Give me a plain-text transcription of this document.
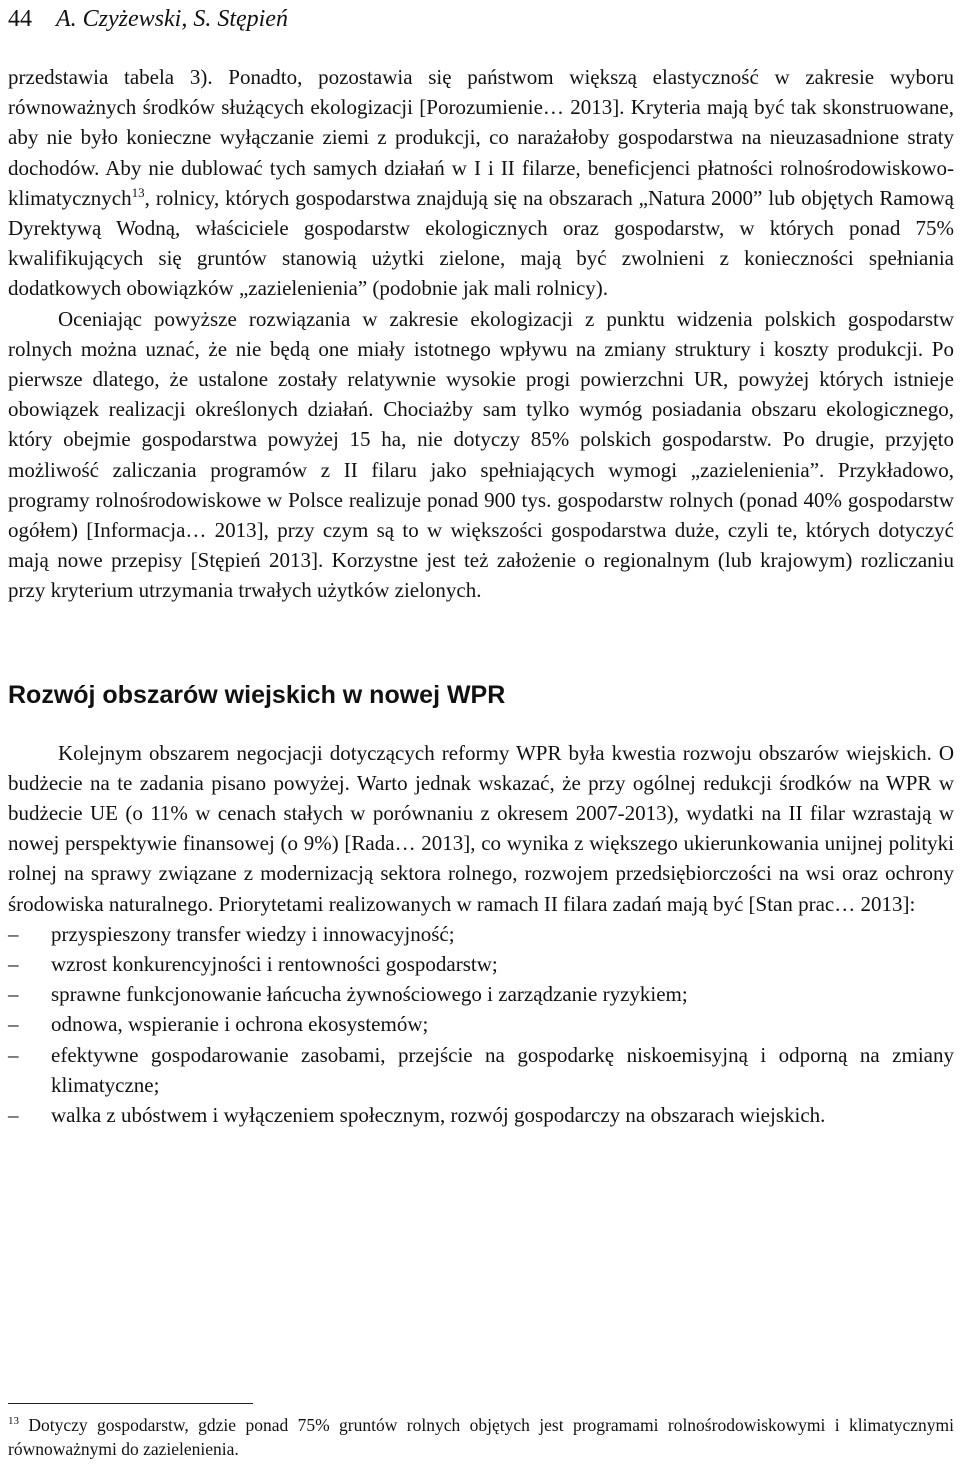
44 A. Czyżewski, S. Stępień

przedstawia tabela 3). Ponadto, pozostawia się państwom większą elastyczność w zakresie wyboru równoważnych środków służących ekologizacji [Porozumienie… 2013]. Kryteria mają być tak skonstruowane, aby nie było konieczne wyłączanie ziemi z produkcji, co narażałoby gospodarstwa na nieuzasadnione straty dochodów. Aby nie dublować tych samych działań w I i II filarze, beneficjenci płatności rolnośrodowiskowo-klimatycznych$^{13}$, rolnicy, których gospodarstwa znajdują się na obszarach „Natura 2000” lub objętych Ramową Dyrektywą Wodną, właściciele gospodarstw ekologicznych oraz gospodarstw, w których ponad 75% kwalifikujących się gruntów stanowią użytki zielone, mają być zwolnieni z konieczności spełniania dodatkowych obowiązków „zazielenienia” (podobnie jak mali rolnicy).

Oceniając powyższe rozwiązania w zakresie ekologizacji z punktu widzenia polskich gospodarstw rolnych można uznać, że nie będą one miały istotnego wpływu na zmiany struktury i koszty produkcji. Po pierwsze dlatego, że ustalone zostały relatywnie wysokie progi powierzchni UR, powyżej których istnieje obowiązek realizacji określonych działań. Chociażby sam tylko wymóg posiadania obszaru ekologicznego, który obejmie gospodarstwa powyżej 15 ha, nie dotyczy 85% polskich gospodarstw. Po drugie, przyjęto możliwość zaliczania programów z II filaru jako spełniających wymogi „zazielenienia”. Przykładowo, programy rolnośrodowiskowe w Polsce realizuje ponad 900 tys. gospodarstw rolnych (ponad 40% gospodarstw ogółem) [Informacja… 2013], przy czym są to w większości gospodarstwa duże, czyli te, których dotyczyć mają nowe przepisy [Stępień 2013]. Korzystne jest też założenie o regionalnym (lub krajowym) rozliczaniu przy kryterium utrzymania trwałych użytków zielonych.

Rozwój obszarów wiejskich w nowej WPR

Kolejnym obszarem negocjacji dotyczących reformy WPR była kwestia rozwoju obszarów wiejskich. O budżecie na te zadania pisano powyżej. Warto jednak wskazać, że przy ogólnej redukcji środków na WPR w budżecie UE (o 11% w cenach stałych w porównaniu z okresem 2007-2013), wydatki na II filar wzrastają w nowej perspektywie finansowej (o 9%) [Rada… 2013], co wynika z większego ukierunkowania unijnej polityki rolnej na sprawy związane z modernizacją sektora rolnego, rozwojem przedsiębiorczości na wsi oraz ochrony środowiska naturalnego. Priorytetami realizowanych w ramach II filara zadań mają być [Stan prac… 2013]:

– przyspieszony transfer wiedzy i innowacyjność;
– wzrost konkurencyjności i rentowności gospodarstw;
– sprawne funkcjonowanie łańcucha żywnościowego i zarządzanie ryzykiem;
– odnowa, wspieranie i ochrona ekosystemów;
– efektywne gospodarowanie zasobami, przejście na gospodarkę niskoemisyjną i odporną na zmiany klimatyczne;
– walka z ubóstwem i wyłączeniem społecznym, rozwój gospodarczy na obszarach wiejskich.
$^{13}$ Dotyczy gospodarstw, gdzie ponad 75% gruntów rolnych objętych jest programami rolnośrodowiskowymi i klimatycznymi równoważnymi do zazielenienia.
